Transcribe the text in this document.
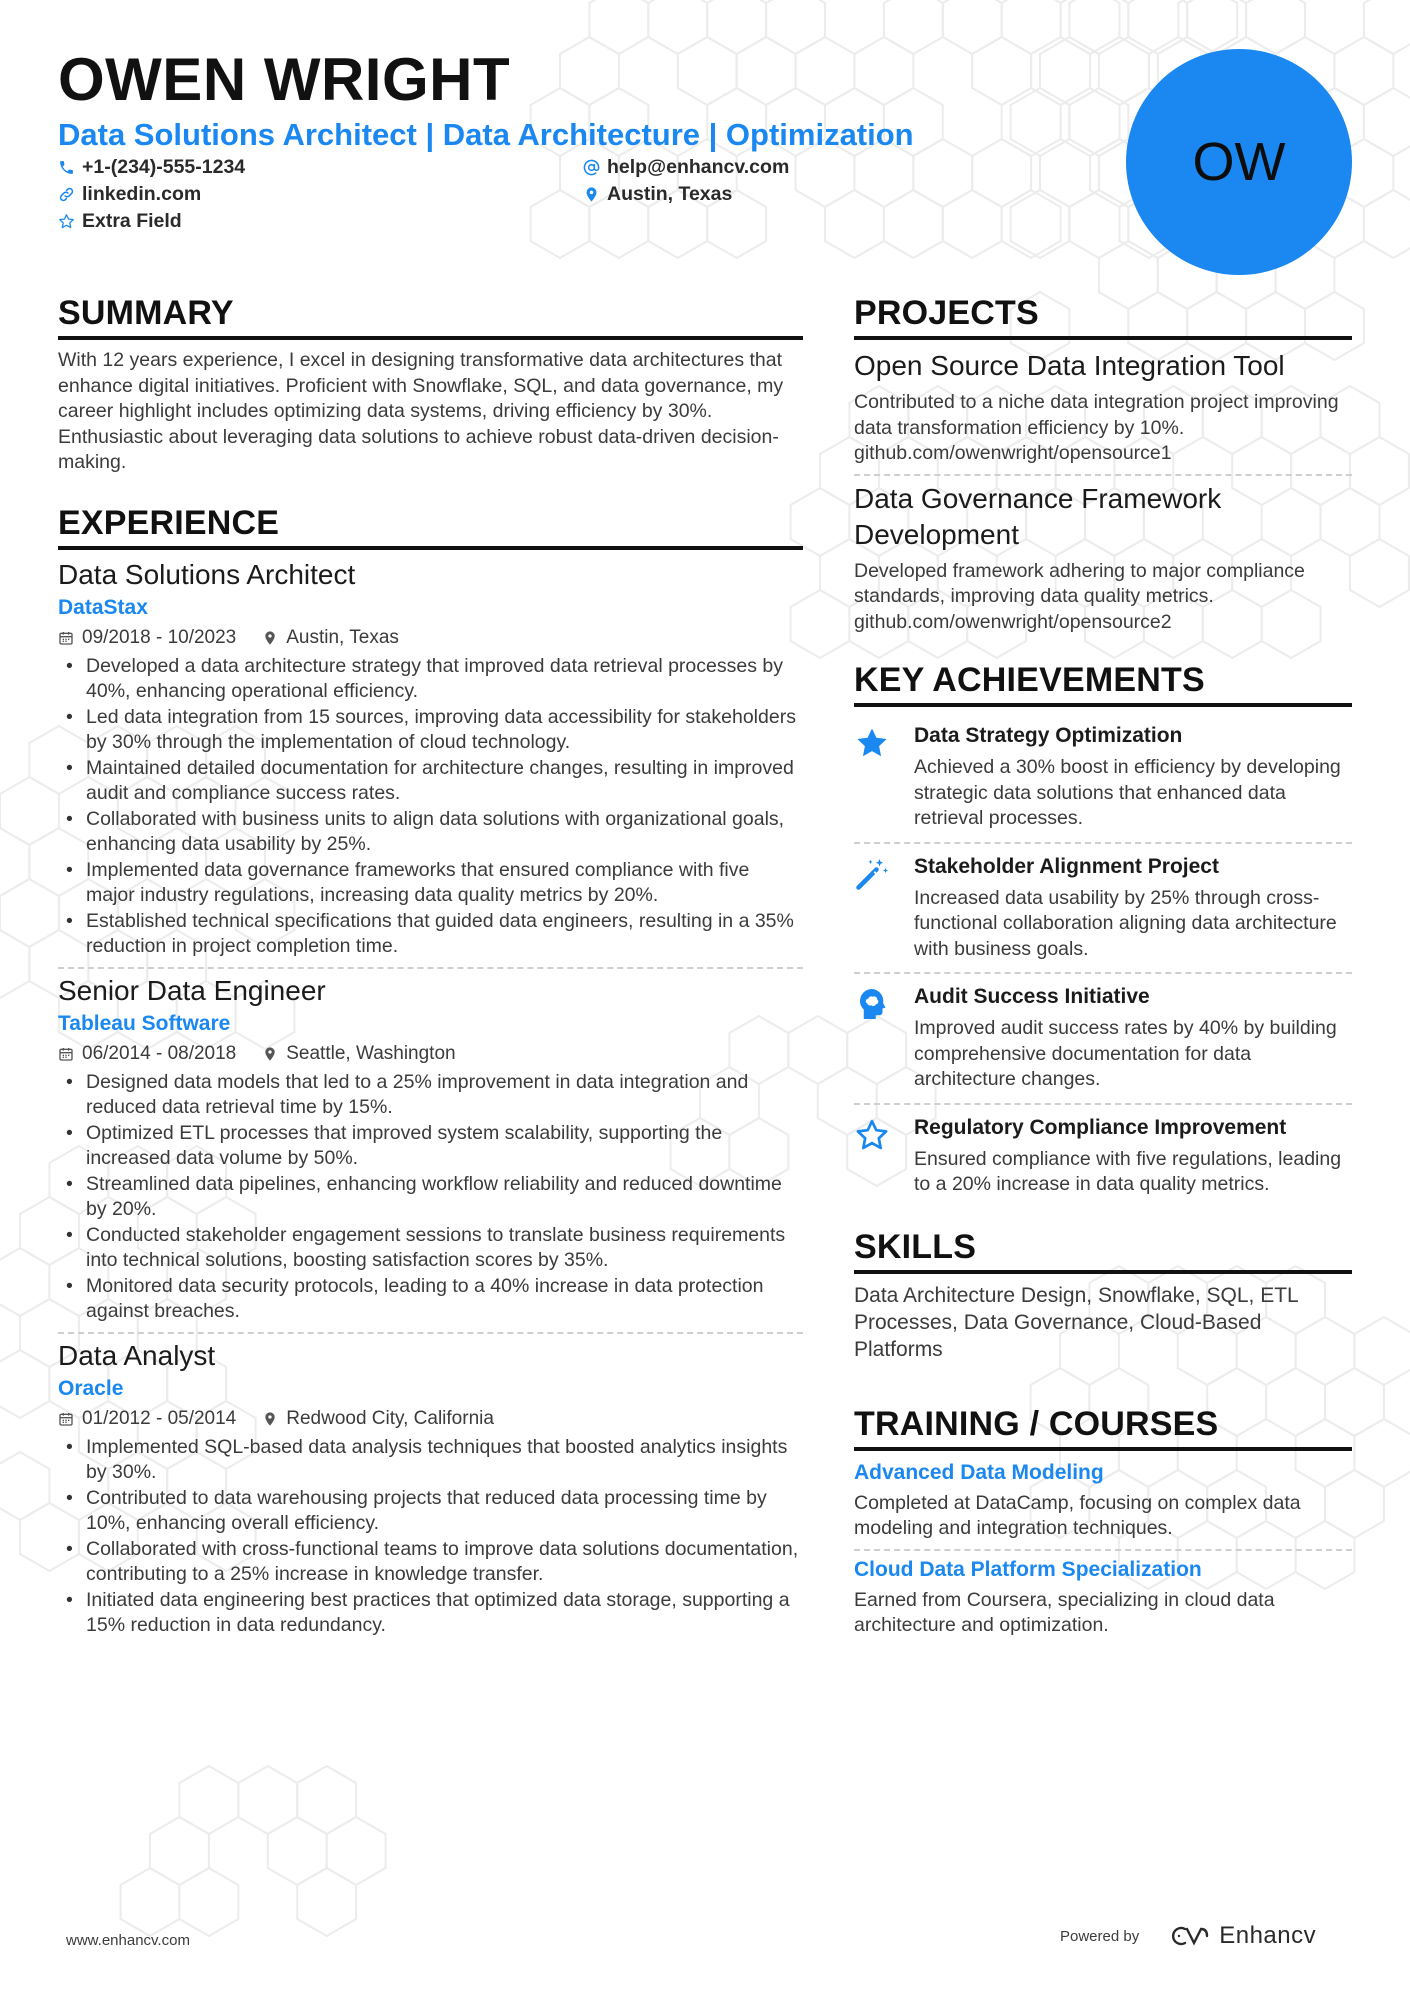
OWEN WRIGHT
Data Solutions Architect | Data Architecture | Optimization
+1-(234)-555-1234	help@enhancv.com
linkedin.com	Austin, Texas
Extra Field
OW
SUMMARY
With 12 years experience, I excel in designing transformative data architectures that enhance digital initiatives. Proficient with Snowflake, SQL, and data governance, my career highlight includes optimizing data systems, driving efficiency by 30%. Enthusiastic about leveraging data solutions to achieve robust data-driven decision-making.
EXPERIENCE
Data Solutions Architect
DataStax
09/2018 - 10/2023	Austin, Texas
• Developed a data architecture strategy that improved data retrieval processes by 40%, enhancing operational efficiency.
• Led data integration from 15 sources, improving data accessibility for stakeholders by 30% through the implementation of cloud technology.
• Maintained detailed documentation for architecture changes, resulting in improved audit and compliance success rates.
• Collaborated with business units to align data solutions with organizational goals, enhancing data usability by 25%.
• Implemented data governance frameworks that ensured compliance with five major industry regulations, increasing data quality metrics by 20%.
• Established technical specifications that guided data engineers, resulting in a 35% reduction in project completion time.
Senior Data Engineer
Tableau Software
06/2014 - 08/2018	Seattle, Washington
• Designed data models that led to a 25% improvement in data integration and reduced data retrieval time by 15%.
• Optimized ETL processes that improved system scalability, supporting the increased data volume by 50%.
• Streamlined data pipelines, enhancing workflow reliability and reduced downtime by 20%.
• Conducted stakeholder engagement sessions to translate business requirements into technical solutions, boosting satisfaction scores by 35%.
• Monitored data security protocols, leading to a 40% increase in data protection against breaches.
Data Analyst
Oracle
01/2012 - 05/2014	Redwood City, California
• Implemented SQL-based data analysis techniques that boosted analytics insights by 30%.
• Contributed to data warehousing projects that reduced data processing time by 10%, enhancing overall efficiency.
• Collaborated with cross-functional teams to improve data solutions documentation, contributing to a 25% increase in knowledge transfer.
• Initiated data engineering best practices that optimized data storage, supporting a 15% reduction in data redundancy.
PROJECTS
Open Source Data Integration Tool
Contributed to a niche data integration project improving data transformation efficiency by 10%. github.com/owenwright/opensource1
Data Governance Framework Development
Developed framework adhering to major compliance standards, improving data quality metrics. github.com/owenwright/opensource2
KEY ACHIEVEMENTS
Data Strategy Optimization
Achieved a 30% boost in efficiency by developing strategic data solutions that enhanced data retrieval processes.
Stakeholder Alignment Project
Increased data usability by 25% through cross-functional collaboration aligning data architecture with business goals.
Audit Success Initiative
Improved audit success rates by 40% by building comprehensive documentation for data architecture changes.
Regulatory Compliance Improvement
Ensured compliance with five regulations, leading to a 20% increase in data quality metrics.
SKILLS
Data Architecture Design, Snowflake, SQL, ETL Processes, Data Governance, Cloud-Based Platforms
TRAINING / COURSES
Advanced Data Modeling
Completed at DataCamp, focusing on complex data modeling and integration techniques.
Cloud Data Platform Specialization
Earned from Coursera, specializing in cloud data architecture and optimization.
www.enhancv.com	Powered by	Enhancv
